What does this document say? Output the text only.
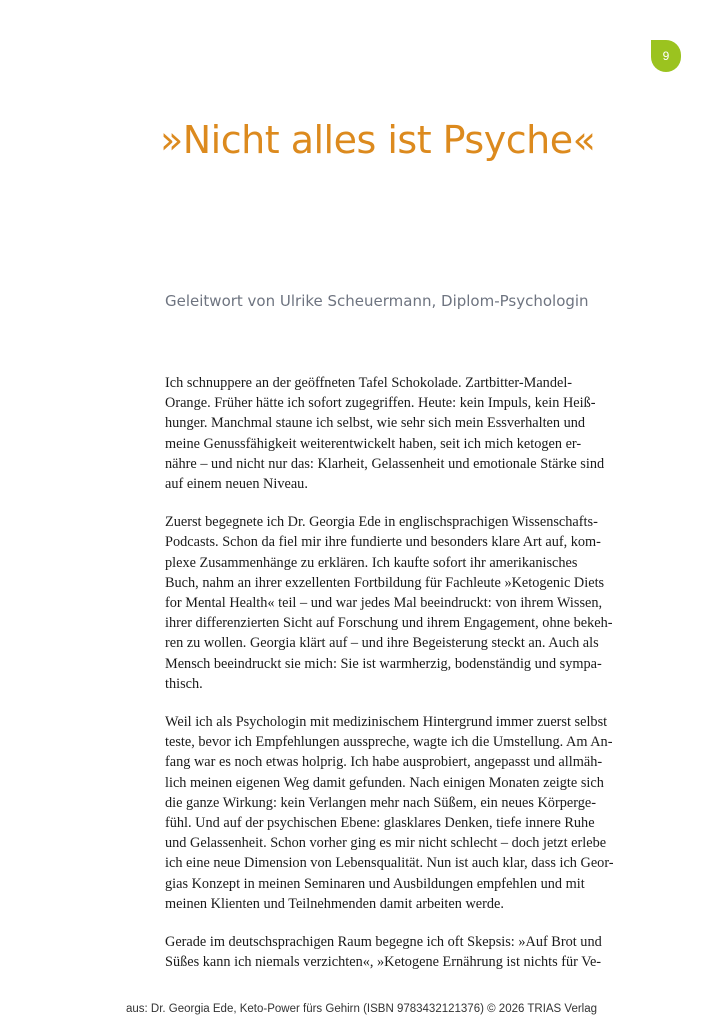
9
»Nicht alles ist Psyche«

Geleitwort von Ulrike Scheuermann, Diplom-Psychologin

Ich schnuppere an der geöffneten Tafel Schokolade. Zartbitter-Mandel-
Orange. Früher hätte ich sofort zugegriffen. Heute: kein Impuls, kein Heiß-
hunger. Manchmal staune ich selbst, wie sehr sich mein Essverhalten und
meine Genussfähigkeit weiterentwickelt haben, seit ich mich ketogen er-
nähre – und nicht nur das: Klarheit, Gelassenheit und emotionale Stärke sind
auf einem neuen Niveau.

Zuerst begegnete ich Dr. Georgia Ede in englischsprachigen Wissenschafts-
Podcasts. Schon da fiel mir ihre fundierte und besonders klare Art auf, kom-
plexe Zusammenhänge zu erklären. Ich kaufte sofort ihr amerikanisches
Buch, nahm an ihrer exzellenten Fortbildung für Fachleute »Ketogenic Diets
for Mental Health« teil – und war jedes Mal beeindruckt: von ihrem Wissen,
ihrer differenzierten Sicht auf Forschung und ihrem Engagement, ohne bekeh-
ren zu wollen. Georgia klärt auf – und ihre Begeisterung steckt an. Auch als
Mensch beeindruckt sie mich: Sie ist warmherzig, bodenständig und sympa-
thisch.

Weil ich als Psychologin mit medizinischem Hintergrund immer zuerst selbst
teste, bevor ich Empfehlungen ausspreche, wagte ich die Umstellung. Am An-
fang war es noch etwas holprig. Ich habe ausprobiert, angepasst und allmäh-
lich meinen eigenen Weg damit gefunden. Nach einigen Monaten zeigte sich
die ganze Wirkung: kein Verlangen mehr nach Süßem, ein neues Körperge-
fühl. Und auf der psychischen Ebene: glasklares Denken, tiefe innere Ruhe
und Gelassenheit. Schon vorher ging es mir nicht schlecht – doch jetzt erlebe
ich eine neue Dimension von Lebensqualität. Nun ist auch klar, dass ich Geor-
gias Konzept in meinen Seminaren und Ausbildungen empfehlen und mit
meinen Klienten und Teilnehmenden damit arbeiten werde.

Gerade im deutschsprachigen Raum begegne ich oft Skepsis: »Auf Brot und
Süßes kann ich niemals verzichten«, »Ketogene Ernährung ist nichts für Ve-

aus: Dr. Georgia Ede, Keto-Power fürs Gehirn (ISBN 9783432121376) © 2026 TRIAS Verlag
